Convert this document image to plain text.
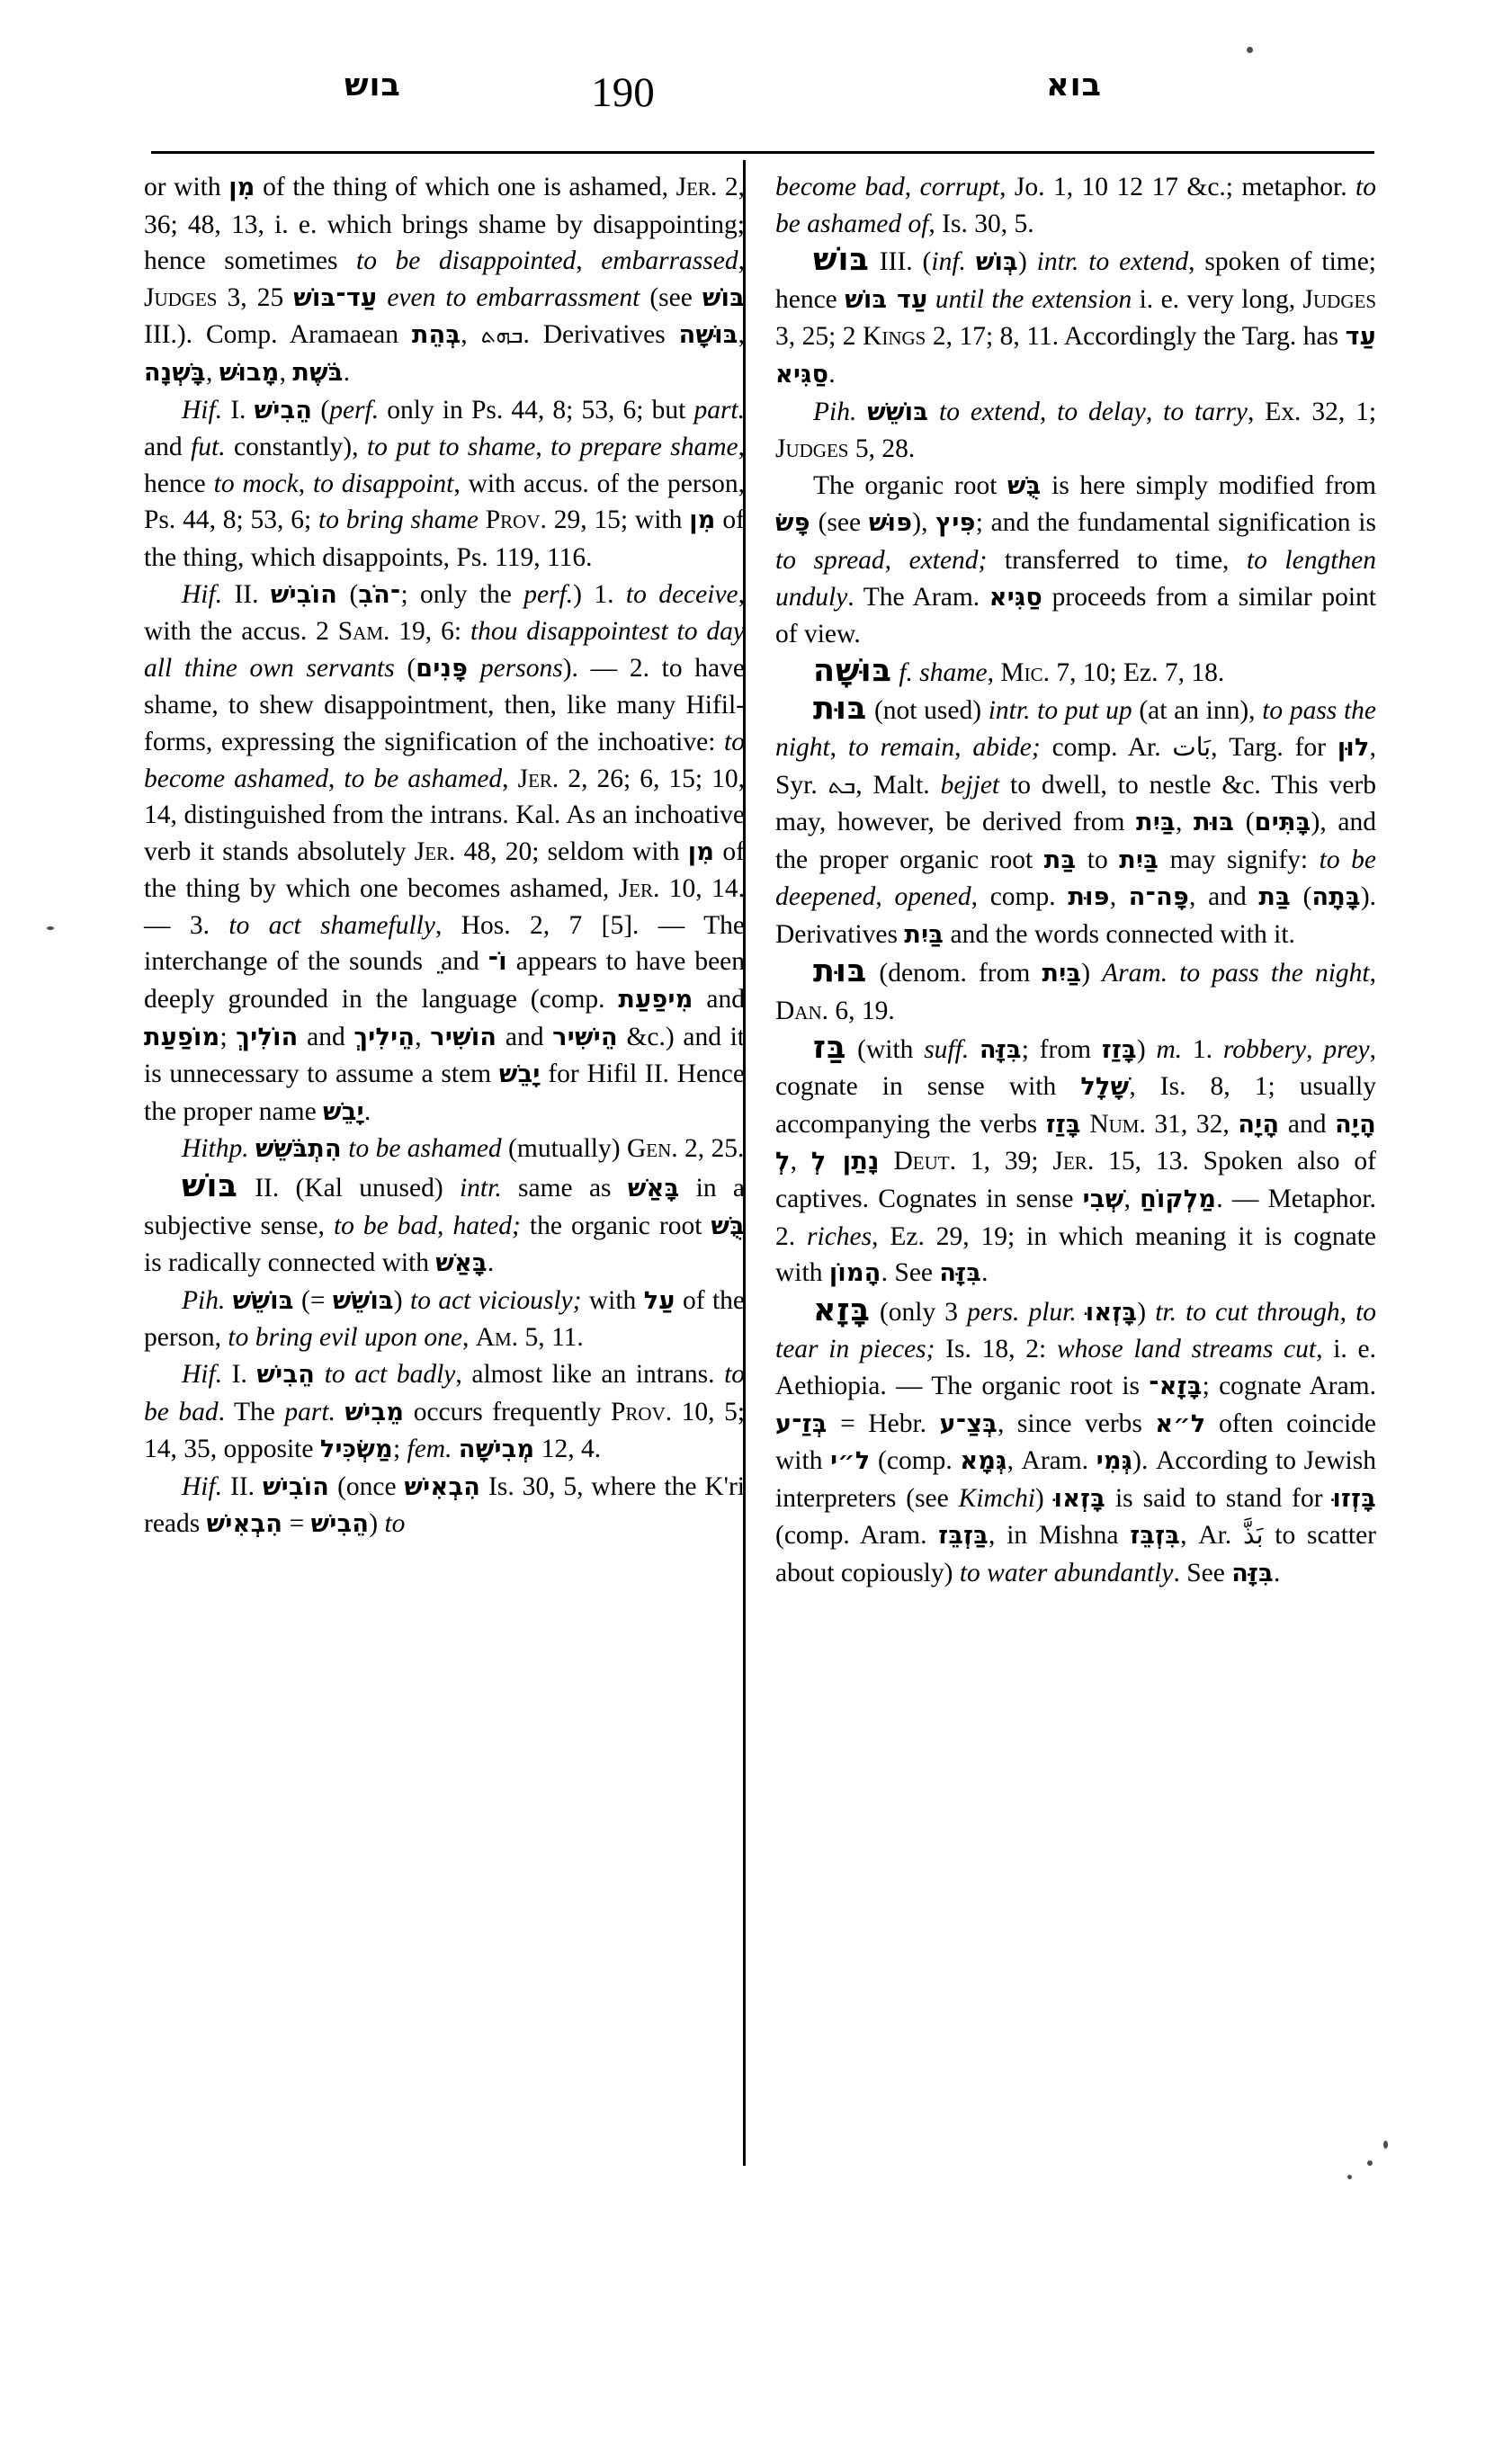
בוש	190	בוא

or with מִן of the thing of which one is ashamed, Jer. 2, 36; 48, 13, i. e. which brings shame by disappointing; hence sometimes to be disappointed, embarrassed, Judges 3, 25 עַד־בּוֹשׁ even to embarrassment (see בּוֹשׁ III.). Comp. Aramaean בְּהֵת, ܒܗܬ. Derivatives בּוּשָׁה, בָּשְׁנָה, מָבוּשׁ, בֹּשֶׁת.

Hif. I. הֵבִישׁ (perf. only in Ps. 44, 8; 53, 6; but part. and fut. constantly), to put to shame, to prepare shame, hence to mock, to disappoint, with accus. of the person, Ps. 44, 8; 53, 6; to bring shame Prov. 29, 15; with מִן of the thing, which disappoints, Ps. 119, 116.

Hif. II. הוֹבִישׁ (־הֹבִ; only the perf.) 1. to deceive, with the accus. 2 Sam. 19, 6: thou disappointest to day all thine own servants (פָּנִים persons). — 2. to have shame, to shew disappointment, then, like many Hifil-forms, expressing the signification of the inchoative: to become ashamed, to be ashamed, Jer. 2, 26; 6, 15; 10, 14, distinguished from the intrans. Kal. As an inchoative verb it stands absolutely Jer. 48, 20; seldom with מִן of the thing by which one becomes ashamed, Jer. 10, 14. — 3. to act shamefully, Hos. 2, 7 [5]. — The interchange of the sounds ֵ and וֹ־ appears to have been deeply grounded in the language (comp. מִיפַעַת and מוֹפַעַת; הוֹלִיךְ and הֵילִיךְ, הוֹשִׁיר and הֵישִׁיר &c.) and it is unnecessary to assume a stem יָבֵשׁ for Hifil II. Hence the proper name יָבֵשׁ.

Hithp. הִתְבֹּשֵׁשׁ to be ashamed (mutually) Gen. 2, 25.

בּוֹשׁ II. (Kal unused) intr. same as בָּאַשׁ in a subjective sense, to be bad, hated; the organic root בֻּשׁ is radically connected with בָּאַשׁ.

Pih. בּוֹשֵׁשׁ (= בּוֹשֵׁשׁ) to act viciously; with עַל of the person, to bring evil upon one, Am. 5, 11.

Hif. I. הֵבִישׁ to act badly, almost like an intrans. to be bad. The part. מֵבִישׁ occurs frequently Prov. 10, 5; 14, 35, opposite מַשְׂכִּיל; fem. מְבִישָׁה 12, 4.

Hif. II. הוֹבִישׁ (once הִבְאִישׁ Is. 30, 5, where the K'ri reads הִבְאִישׁ = הֵבִישׁ) to

become bad, corrupt, Jo. 1, 10 12 17 &c.; metaphor. to be ashamed of, Is. 30, 5.

בּוֹשׁ III. (inf. בְּוֹשׁ) intr. to extend, spoken of time; hence עַד בּוֹשׁ until the extension i. e. very long, Judges 3, 25; 2 Kings 2, 17; 8, 11. Accordingly the Targ. has עַד סַגִּיא.

Pih. בּוֹשֵׁשׁ to extend, to delay, to tarry, Ex. 32, 1; Judges 5, 28.

The organic root בֻּשׁ is here simply modified from פָּשׂ (see פּוּשׁ), פִּיץ; and the fundamental signification is to spread, extend; transferred to time, to lengthen unduly. The Aram. סַגִּיא proceeds from a similar point of view.

בּוּשָׁה f. shame, Mic. 7, 10; Ez. 7, 18.

בּוּת (not used) intr. to put up (at an inn), to pass the night, to remain, abide; comp. Ar. بَات, Targ. for לוּן, Syr. ܒܬ, Malt. bejjet to dwell, to nestle &c. This verb may, however, be derived from בַּיִת, בּוּת (בָּתִּים), and the proper organic root בַּת to בַּיִת may signify: to be deepened, opened, comp. פּוּת, פָּה־ה, and בַּת (בָּתָה). Derivatives בַּיִת and the words connected with it.

בּוּת (denom. from בַּיִת) Aram. to pass the night, Dan. 6, 19.

בַּז (with suff. בִּזָּה; from בָּזַז) m. 1. robbery, prey, cognate in sense with שָׁלָל, Is. 8, 1; usually accompanying the verbs בָּזַז Num. 31, 32, הָיָה and הָיָה לְ, נָתַן לְ Deut. 1, 39; Jer. 15, 13. Spoken also of captives. Cognates in sense שְׁבִי, מַלְקוֹחַ. — Metaphor. 2. riches, Ez. 29, 19; in which meaning it is cognate with הָמוֹן. See בִּזָּה.

בָּזָא (only 3 pers. plur. בָּזְאוּ) tr. to cut through, to tear in pieces; Is. 18, 2: whose land streams cut, i. e. Aethiopia. — The organic root is בָּזָא־; cognate Aram. בְּזַ־ע = Hebr. בְּצַ־ע, since verbs ל״א often coincide with ל״י (comp. גְּמָא, Aram. גְּמִי). According to Jewish interpreters (see Kimchi) בָּזְאוּ is said to stand for בָּזְזוּ (comp. Aram. בַּזְבֵּז, in Mishna בִּזְבֵּז, Ar. بَذَّ to scatter about copiously) to water abundantly. See בִּזָּה.
